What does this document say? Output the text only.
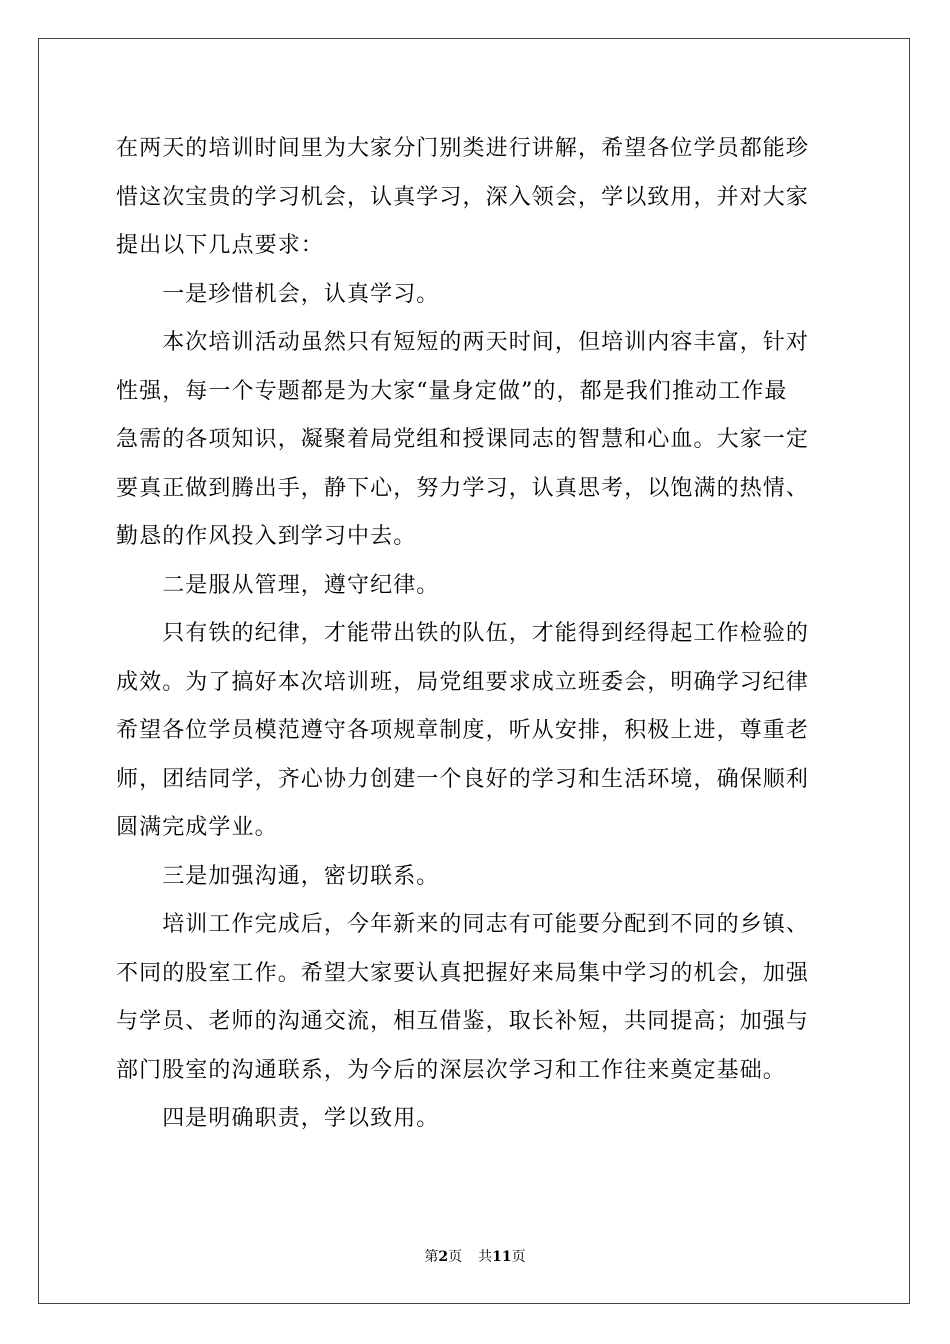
在两天的培训时间里为大家分门别类进行讲解，希望各位学员都能珍
惜这次宝贵的学习机会，认真学习，深入领会，学以致用，并对大家
提出以下几点要求：
　　一是珍惜机会，认真学习。
　　本次培训活动虽然只有短短的两天时间，但培训内容丰富，针对
性强，每一个专题都是为大家“量身定做”的，都是我们推动工作最
急需的各项知识，凝聚着局党组和授课同志的智慧和心血。大家一定
要真正做到腾出手，静下心，努力学习，认真思考，以饱满的热情、
勤恳的作风投入到学习中去。
　　二是服从管理，遵守纪律。
　　只有铁的纪律，才能带出铁的队伍，才能得到经得起工作检验的
成效。为了搞好本次培训班，局党组要求成立班委会，明确学习纪律
希望各位学员模范遵守各项规章制度，听从安排，积极上进，尊重老
师，团结同学，齐心协力创建一个良好的学习和生活环境，确保顺利
圆满完成学业。
　　三是加强沟通，密切联系。
　　培训工作完成后，今年新来的同志有可能要分配到不同的乡镇、
不同的股室工作。希望大家要认真把握好来局集中学习的机会，加强
与学员、老师的沟通交流，相互借鉴，取长补短，共同提高；加强与
部门股室的沟通联系，为今后的深层次学习和工作往来奠定基础。
　　四是明确职责，学以致用。
第2页 共11页
